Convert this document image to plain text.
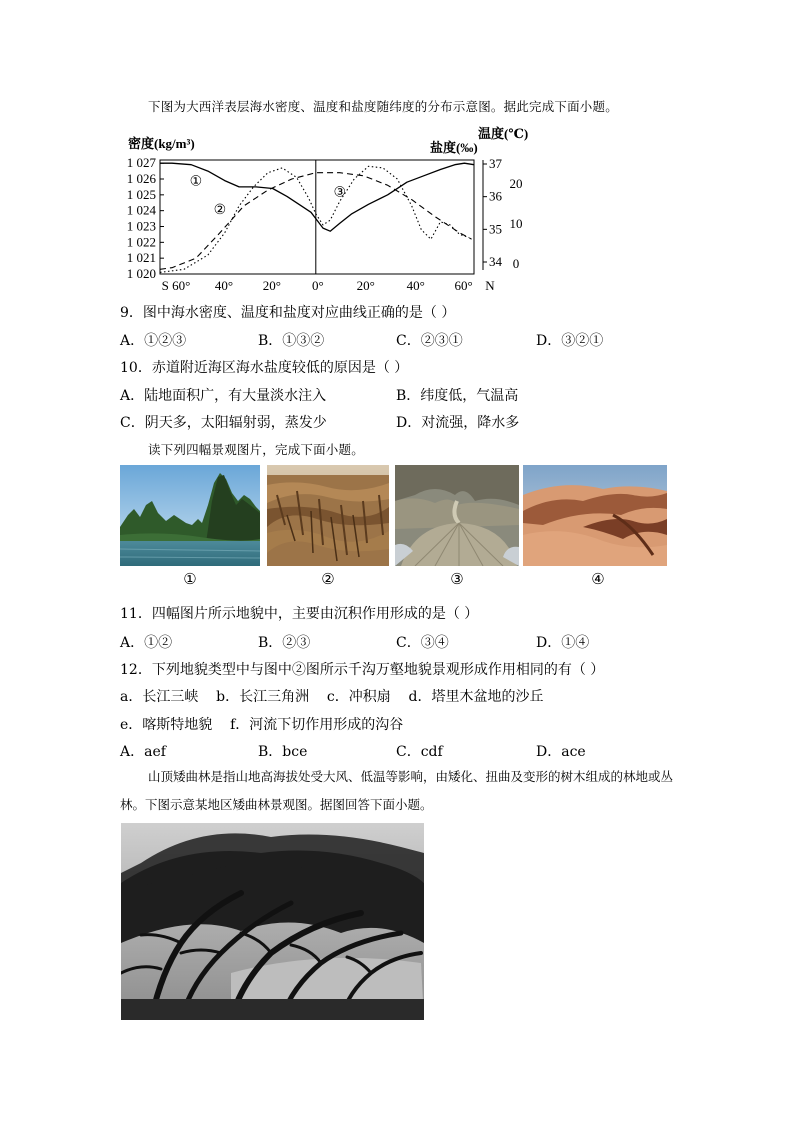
下图为大西洋表层海水密度、温度和盐度随纬度的分布示意图。据此完成下面小题。
1 027
1 026
1 025
1 024
1 023
1 022
1 021
1 020
密度(kg/m³)
37
36
35
34
盐度(‰)
20
10
0
温度(℃)
S 60° 40° 20° 0°	20° 40° 60° N
①
②
③
9．图中海水密度、温度和盐度对应曲线正确的是（ ）
A．①②③	B．①③②	C．②③①	D．③②①
10．赤道附近海区海水盐度较低的原因是（ ）
A．陆地面积广，有大量淡水注入	B．纬度低，气温高
C．阴天多，太阳辐射弱，蒸发少	D．对流强，降水多
读下列四幅景观图片，完成下面小题。
①	②	③	④
11．四幅图片所示地貌中，主要由沉积作用形成的是（ ）
A．①②	B．②③	C．③④	D．①④
12．下列地貌类型中与图中②图所示千沟万壑地貌景观形成作用相同的有（ ）
a．长江三峡    b．长江三角洲    c．冲积扇    d．塔里木盆地的沙丘
e．喀斯特地貌    f．河流下切作用形成的沟谷
A．aef	B．bce	C．cdf	D．ace
山顶矮曲林是指山地高海拔处受大风、低温等影响，由矮化、扭曲及变形的树木组成的林地或丛林。下图示意某地区矮曲林景观图。据图回答下面小题。
